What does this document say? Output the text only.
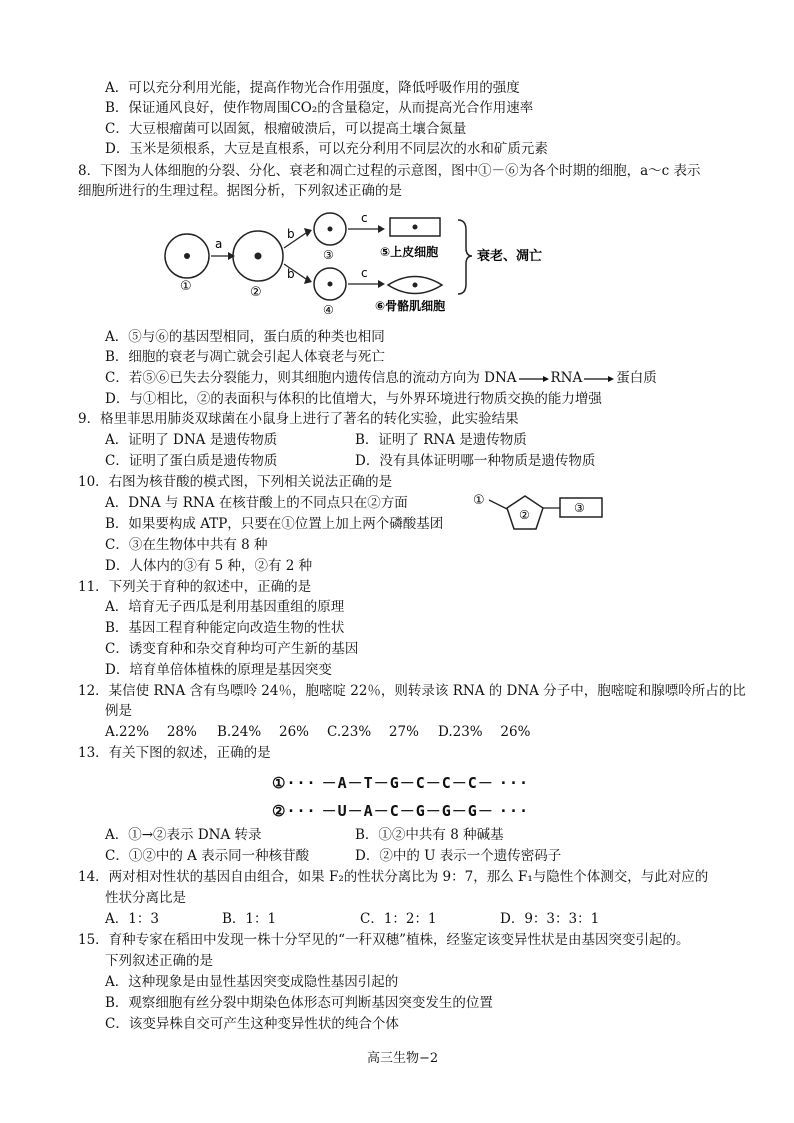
A．可以充分利用光能，提高作物光合作用强度，降低呼吸作用的强度
B．保证通风良好，使作物周围CO₂的含量稳定，从而提高光合作用速率
C．大豆根瘤菌可以固氮，根瘤破溃后，可以提高土壤合氮量
D．玉米是须根系，大豆是直根系，可以充分利用不同层次的水和矿质元素
8．下图为人体细胞的分裂、分化、衰老和凋亡过程的示意图，图中①－⑥为各个时期的细胞，a～c 表示
细胞所进行的生理过程。据图分析，下列叙述正确的是
①
a
②
b
b
③
④
c
c
⑤上皮细胞
⑥骨骼肌细胞
衰老、凋亡
A．⑤与⑥的基因型相同，蛋白质的种类也相同
B．细胞的衰老与凋亡就会引起人体衰老与死亡
C．若⑤⑥已失去分裂能力，则其细胞内遗传信息的流动方向为 DNA	RNA	蛋白质
D．与①相比，②的表面积与体积的比值增大，与外界环境进行物质交换的能力增强
9．格里菲思用肺炎双球菌在小鼠身上进行了著名的转化实验，此实验结果
A．证明了 DNA 是遗传物质	B．证明了 RNA 是遗传物质
C．证明了蛋白质是遗传物质	D．没有具体证明哪一种物质是遗传物质
10．右图为核苷酸的模式图，下列相关说法正确的是
A．DNA 与 RNA 在核苷酸上的不同点只在②方面
B．如果要构成 ATP，只要在①位置上加上两个磷酸基团
C．③在生物体中共有 8 种
D．人体内的③有 5 种，②有 2 种
①
②	③
11．下列关于育种的叙述中，正确的是
A．培育无子西瓜是利用基因重组的原理
B．基因工程育种能定向改造生物的性状
C．诱变育种和杂交育种均可产生新的基因
D．培育单倍体植株的原理是基因突变
12．某信使 RNA 含有鸟嘌呤 24％，胞嘧啶 22％，则转录该 RNA 的 DNA 分子中，胞嘧啶和腺嘌呤所占的比
例是
A.22%　 28% B.24%　 26% C.23%　 27% D.23%　 26%
13．有关下图的叙述，正确的是
①··· －A－T－G－C－C－C－ ···
②··· －U－A－C－G－G－G－ ···
A．①→②表示 DNA 转录	B．①②中共有 8 种碱基
C．①②中的 A 表示同一种核苷酸	D．②中的 U 表示一个遗传密码子
14．两对相对性状的基因自由组合，如果 F₂的性状分离比为 9：7，那么 F₁与隐性个体测交，与此对应的
性状分离比是
A．1：3	B．1：1	C．1：2：1	D．9：3：3：1
15．育种专家在稻田中发现一株十分罕见的“一秆双穗”植株，经鉴定该变异性状是由基因突变引起的。
下列叙述正确的是
A．这种现象是由显性基因突变成隐性基因引起的
B．观察细胞有丝分裂中期染色体形态可判断基因突变发生的位置
C．该变异株自交可产生这种变异性状的纯合个体
高三生物−2
